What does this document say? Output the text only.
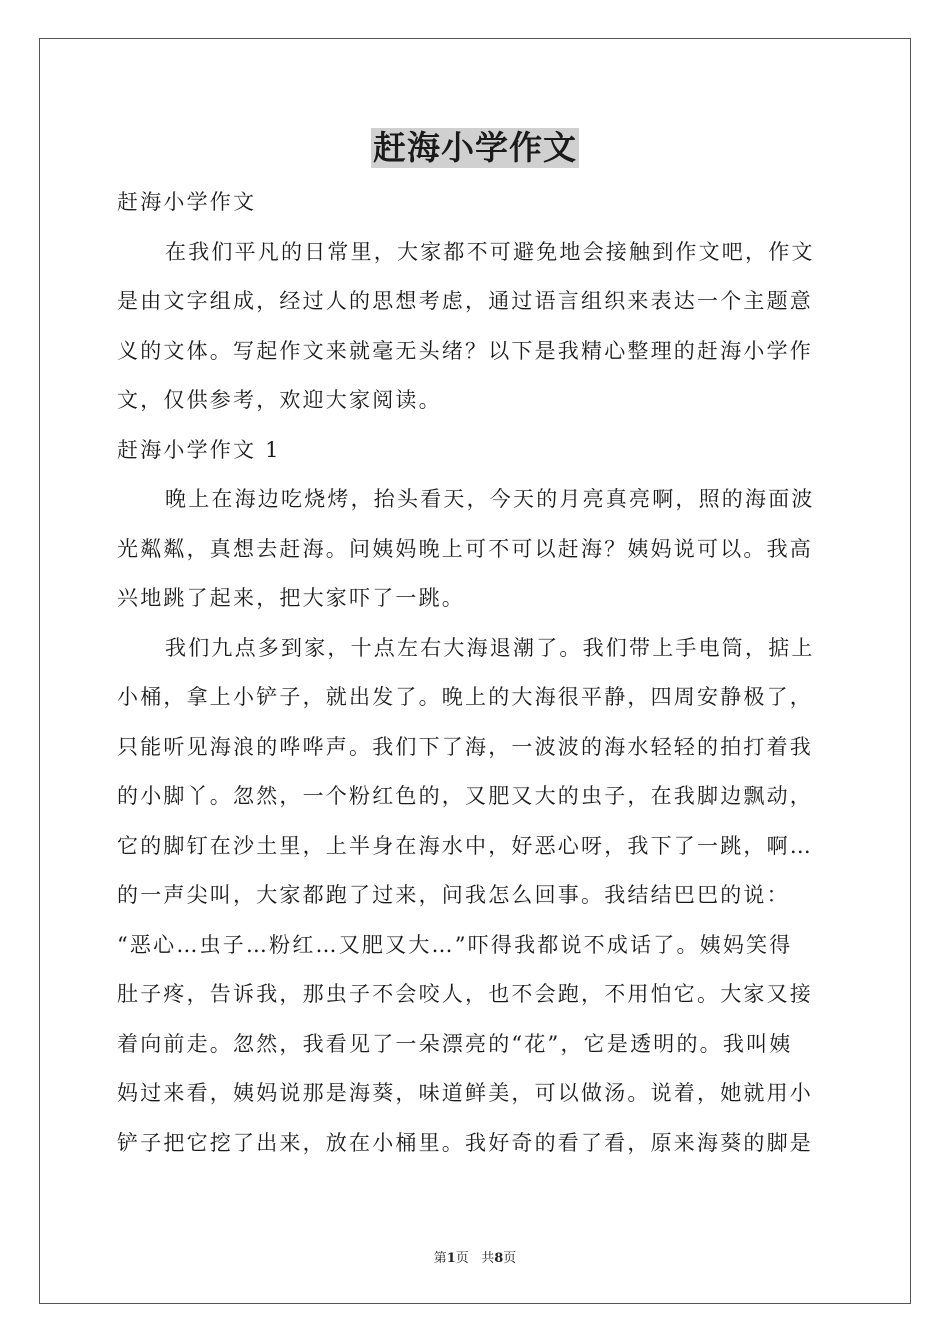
赶海小学作文
赶海小学作文
在我们平凡的日常里，大家都不可避免地会接触到作文吧，作文
是由文字组成，经过人的思想考虑，通过语言组织来表达一个主题意
义的文体。写起作文来就毫无头绪？以下是我精心整理的赶海小学作
文，仅供参考，欢迎大家阅读。
赶海小学作文 1
晚上在海边吃烧烤，抬头看天，今天的月亮真亮啊，照的海面波
光粼粼，真想去赶海。问姨妈晚上可不可以赶海？姨妈说可以。我高
兴地跳了起来，把大家吓了一跳。
我们九点多到家，十点左右大海退潮了。我们带上手电筒，掂上
小桶，拿上小铲子，就出发了。晚上的大海很平静，四周安静极了，
只能听见海浪的哗哗声。我们下了海，一波波的海水轻轻的拍打着我
的小脚丫。忽然，一个粉红色的，又肥又大的虫子，在我脚边飘动，
它的脚钉在沙土里，上半身在海水中，好恶心呀，我下了一跳，啊…
的一声尖叫，大家都跑了过来，问我怎么回事。我结结巴巴的说：
“恶心…虫子…粉红…又肥又大…”吓得我都说不成话了。姨妈笑得
肚子疼，告诉我，那虫子不会咬人，也不会跑，不用怕它。大家又接
着向前走。忽然，我看见了一朵漂亮的“花”，它是透明的。我叫姨
妈过来看，姨妈说那是海葵，味道鲜美，可以做汤。说着，她就用小
铲子把它挖了出来，放在小桶里。我好奇的看了看，原来海葵的脚是
第1页 共8页
